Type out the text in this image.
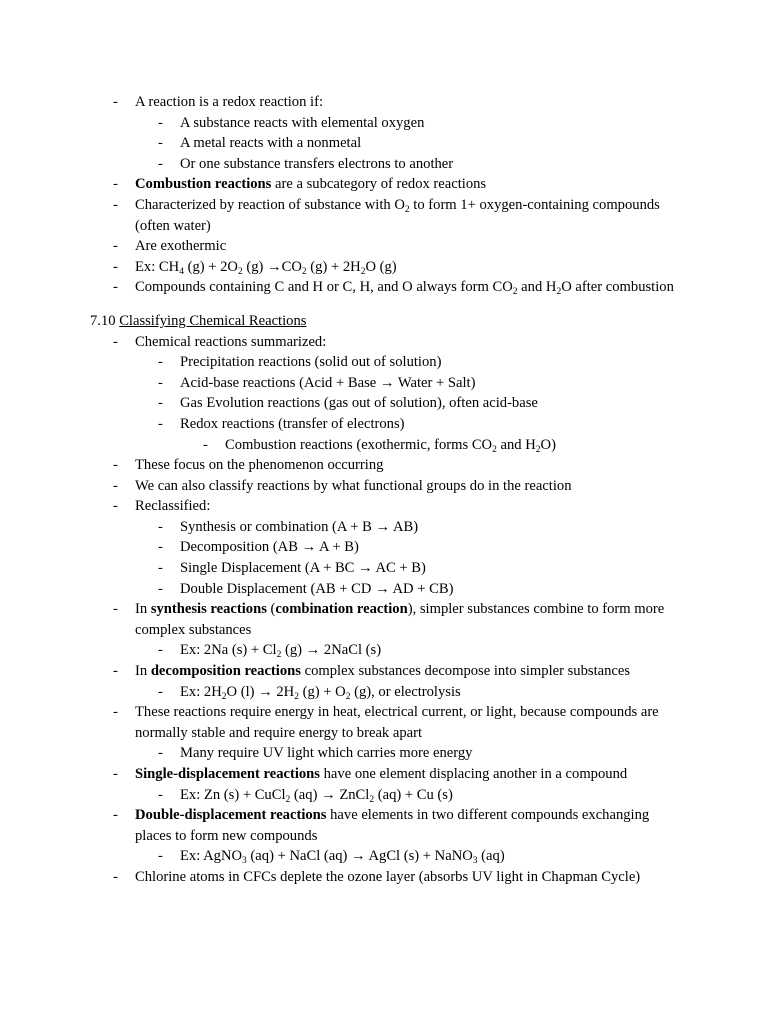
-	A reaction is a redox reaction if:
-	A substance reacts with elemental oxygen
-	A metal reacts with a nonmetal
-	Or one substance transfers electrons to another
-	Combustion reactions are a subcategory of redox reactions
-	Characterized by reaction of substance with $O_2$ to form 1+ oxygen-containing compounds (often water)
-	Are exothermic
-	Ex: $CH_4$ $(g) + 2O_2$ $(g) \to CO_2$ $(g) + 2H_2O$ (g)
-	Compounds containing C and H or C, H, and O always form $CO_2$ and $H_2O$ after combustion
7.10 Classifying Chemical Reactions
-	Chemical reactions summarized:
-	Precipitation reactions (solid out of solution)
-	Acid-base reactions (Acid + Base → Water + Salt)
-	Gas Evolution reactions (gas out of solution), often acid-base
-	Redox reactions (transfer of electrons)
-	Combustion reactions (exothermic, forms $CO_2$ and $H_2O$)
-	These focus on the phenomenon occurring
-	We can also classify reactions by what functional groups do in the reaction
-	Reclassified:
-	Synthesis or combination (A + B → AB)
-	Decomposition (AB → A + B)
-	Single Displacement (A + BC → AC + B)
-	Double Displacement (AB + CD → AD + CB)
-	In synthesis reactions (combination reaction), simpler substances combine to form more complex substances
-	Ex: 2Na $(s) + Cl_2$ (g) → 2NaCl (s)
-	In decomposition reactions complex substances decompose into simpler substances
-	Ex: $2H_2O$ $(l) \to 2H_2$ $(g) + O_2$ (g), or electrolysis
-	These reactions require energy in heat, electrical current, or light, because compounds are normally stable and require energy to break apart
-	Many require UV light which carries more energy
-	Single-displacement reactions have one element displacing another in a compound
-	Ex: Zn (s) + CuCl$_2$ (aq) → ZnCl$_2$ (aq) + Cu (s)
-	Double-displacement reactions have elements in two different compounds exchanging places to form new compounds
-	Ex: AgNO$_3$ (aq) + NaCl (aq) → AgCl (s) + NaNO$_3$ (aq)
-	Chlorine atoms in CFCs deplete the ozone layer (absorbs UV light in Chapman Cycle)
